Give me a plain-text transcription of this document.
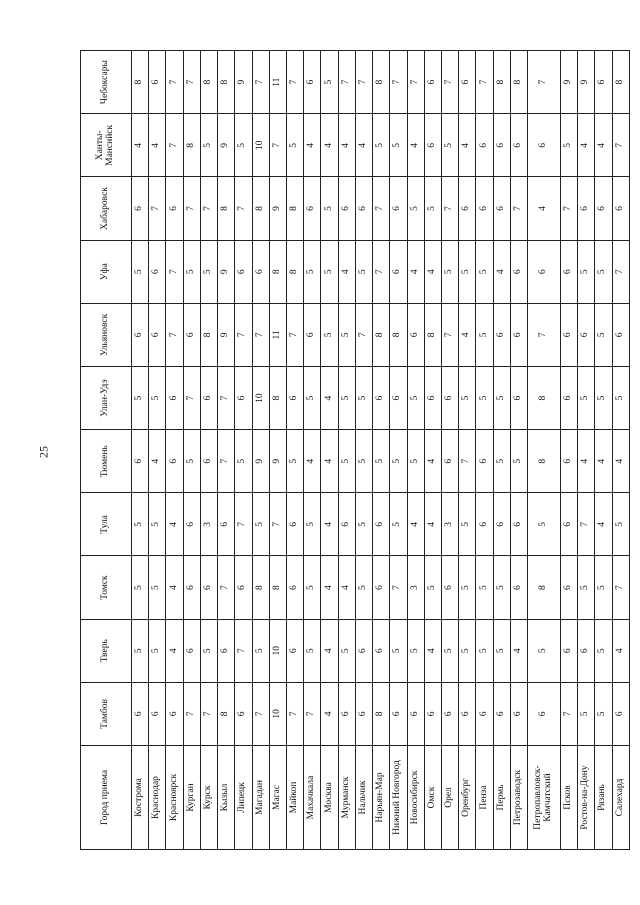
25
Город приема	Тамбов	Тверь	Томск	Тула	Тюмень	Улан-Удэ	Ульяновск	Уфа	Хабаровск	Ханты-Мансийск	Чебоксары
Кострома	6	5	5	5	6	5	6	5	6	4	8
Краснодар	6	5	5	5	4	5	6	6	7	4	6
Красноярск	6	4	4	4	6	6	7	7	6	7	7
Курган	7	6	6	6	5	7	6	5	7	8	7
Курск	7	5	6	3	6	6	8	5	7	5	8
Кызыл	8	6	7	6	7	7	9	9	8	9	8
Липецк	6	7	6	7	5	6	7	6	7	5	9
Магадан	7	5	8	5	9	10	7	6	8	10	7
Магас	10	10	8	7	9	8	11	8	9	7	11
Майкоп	7	6	6	6	5	6	7	8	8	5	7
Махачкала	7	5	5	5	4	5	6	5	6	4	6
Москва	4	4	4	4	4	4	5	5	5	4	5
Мурманск	6	5	4	6	5	5	5	4	6	4	7
Нальчик	6	6	5	5	5	5	7	5	6	4	7
Нарьян-Мар	8	6	6	6	5	6	8	7	7	5	8
Нижний Новгород	6	5	7	5	5	6	8	6	6	5	7
Новосибирск	6	5	3	4	5	5	6	4	5	4	7
Омск	6	4	5	4	4	6	8	4	5	6	6
Орел	6	5	6	3	6	6	7	5	7	5	7
Оренбург	6	5	5	5	7	5	4	5	6	4	6
Пенза	6	5	5	6	6	5	5	5	6	6	7
Пермь	6	5	5	6	5	5	6	4	6	6	8
Петрозаводск	6	4	6	6	5	6	6	6	7	6	8
Петропавловск-Камчатский	6	5	8	5	8	8	7	6	4	6	7
Псков	7	6	6	6	6	6	6	6	7	5	9
Ростов-на-Дону	5	6	5	7	4	5	6	5	6	4	9
Рязань	5	5	5	4	4	5	5	5	6	4	6
Салехард	6	4	7	5	4	5	6	7	6	7	8
